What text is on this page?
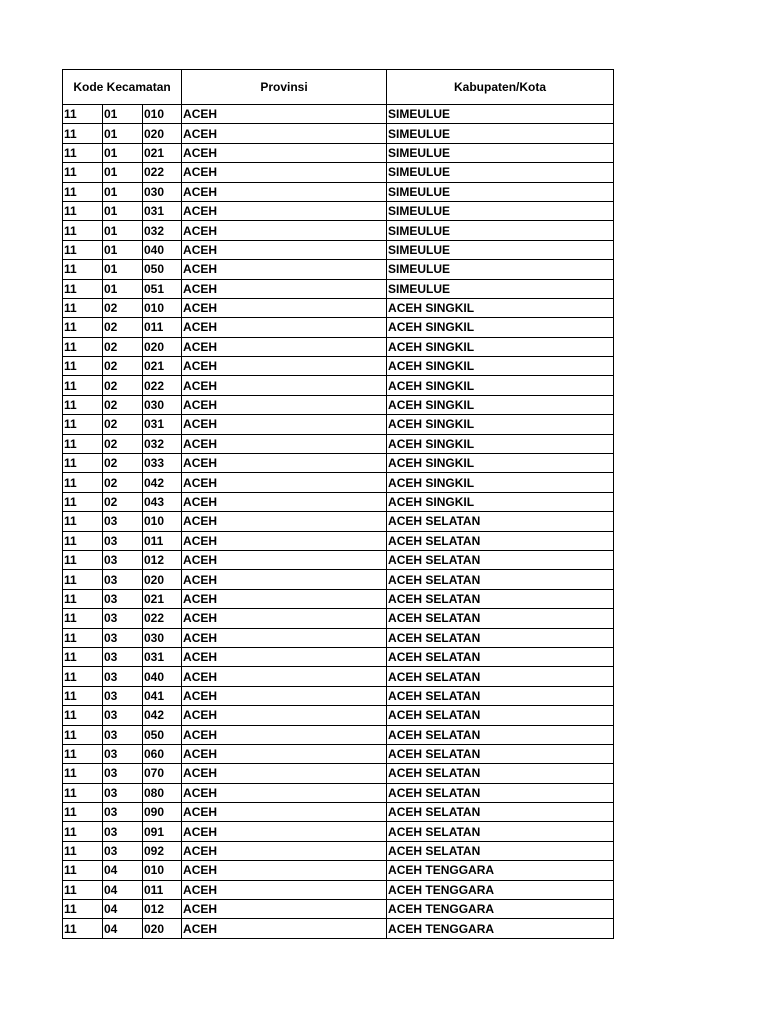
Kode Kecamatan			Provinsi	Kabupaten/Kota
11	01	010	ACEH	SIMEULUE
11	01	020	ACEH	SIMEULUE
11	01	021	ACEH	SIMEULUE
11	01	022	ACEH	SIMEULUE
11	01	030	ACEH	SIMEULUE
11	01	031	ACEH	SIMEULUE
11	01	032	ACEH	SIMEULUE
11	01	040	ACEH	SIMEULUE
11	01	050	ACEH	SIMEULUE
11	01	051	ACEH	SIMEULUE
11	02	010	ACEH	ACEH SINGKIL
11	02	011	ACEH	ACEH SINGKIL
11	02	020	ACEH	ACEH SINGKIL
11	02	021	ACEH	ACEH SINGKIL
11	02	022	ACEH	ACEH SINGKIL
11	02	030	ACEH	ACEH SINGKIL
11	02	031	ACEH	ACEH SINGKIL
11	02	032	ACEH	ACEH SINGKIL
11	02	033	ACEH	ACEH SINGKIL
11	02	042	ACEH	ACEH SINGKIL
11	02	043	ACEH	ACEH SINGKIL
11	03	010	ACEH	ACEH SELATAN
11	03	011	ACEH	ACEH SELATAN
11	03	012	ACEH	ACEH SELATAN
11	03	020	ACEH	ACEH SELATAN
11	03	021	ACEH	ACEH SELATAN
11	03	022	ACEH	ACEH SELATAN
11	03	030	ACEH	ACEH SELATAN
11	03	031	ACEH	ACEH SELATAN
11	03	040	ACEH	ACEH SELATAN
11	03	041	ACEH	ACEH SELATAN
11	03	042	ACEH	ACEH SELATAN
11	03	050	ACEH	ACEH SELATAN
11	03	060	ACEH	ACEH SELATAN
11	03	070	ACEH	ACEH SELATAN
11	03	080	ACEH	ACEH SELATAN
11	03	090	ACEH	ACEH SELATAN
11	03	091	ACEH	ACEH SELATAN
11	03	092	ACEH	ACEH SELATAN
11	04	010	ACEH	ACEH TENGGARA
11	04	011	ACEH	ACEH TENGGARA
11	04	012	ACEH	ACEH TENGGARA
11	04	020	ACEH	ACEH TENGGARA
